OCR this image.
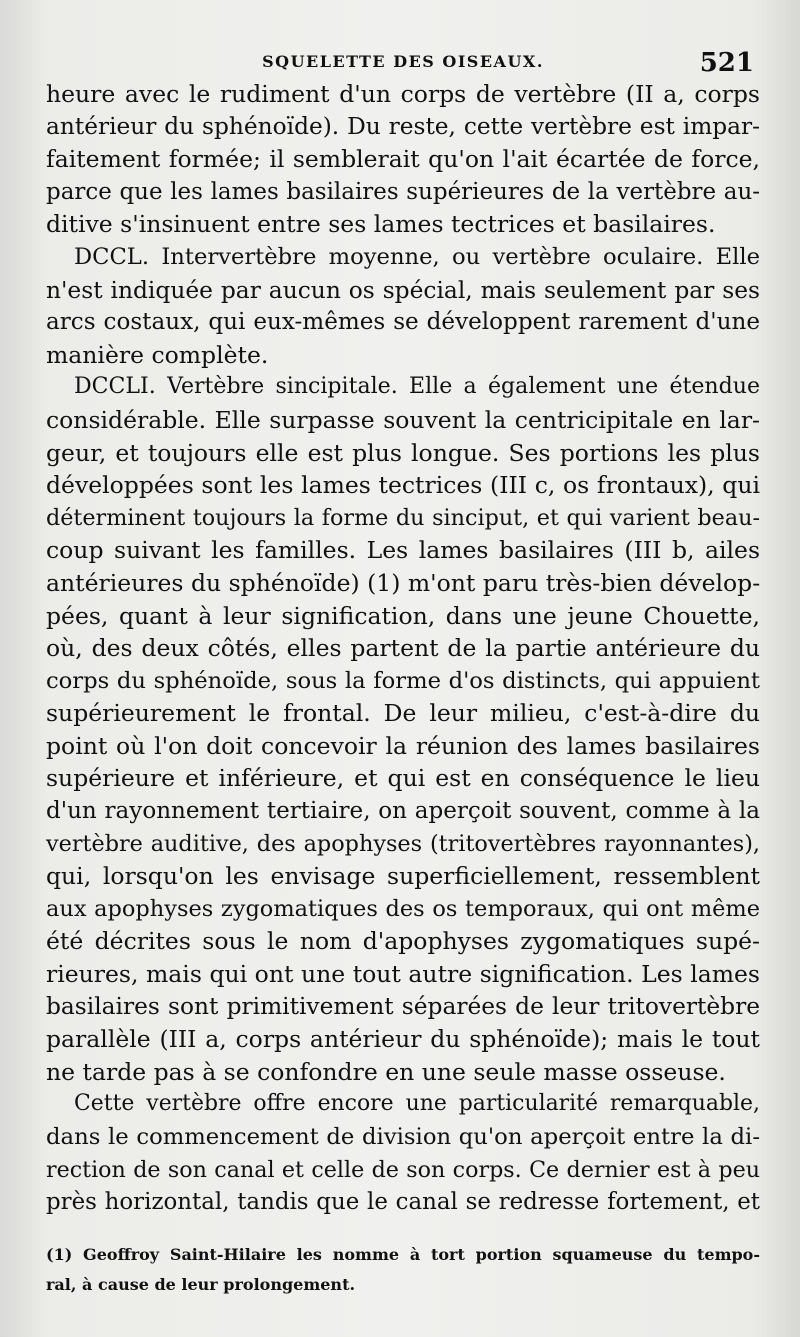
SQUELETTE DES OISEAUX.	521
heure avec le rudiment d'un corps de vertèbre (II a, corps
antérieur du sphénoïde). Du reste, cette vertèbre est impar-
faitement formée; il semblerait qu'on l'ait écartée de force,
parce que les lames basilaires supérieures de la vertèbre au-
ditive s'insinuent entre ses lames tectrices et basilaires.
DCCL. Intervertèbre moyenne, ou vertèbre oculaire. Elle
n'est indiquée par aucun os spécial, mais seulement par ses
arcs costaux, qui eux-mêmes se développent rarement d'une
manière complète.
DCCLI. Vertèbre sincipitale. Elle a également une étendue
considérable. Elle surpasse souvent la centricipitale en lar-
geur, et toujours elle est plus longue. Ses portions les plus
développées sont les lames tectrices (III c, os frontaux), qui
déterminent toujours la forme du sinciput, et qui varient beau-
coup suivant les familles. Les lames basilaires (III b, ailes
antérieures du sphénoïde) (1) m'ont paru très-bien dévelop-
pées, quant à leur signification, dans une jeune Chouette,
où, des deux côtés, elles partent de la partie antérieure du
corps du sphénoïde, sous la forme d'os distincts, qui appuient
supérieurement le frontal. De leur milieu, c'est-à-dire du
point où l'on doit concevoir la réunion des lames basilaires
supérieure et inférieure, et qui est en conséquence le lieu
d'un rayonnement tertiaire, on aperçoit souvent, comme à la
vertèbre auditive, des apophyses (tritovertèbres rayonnantes),
qui, lorsqu'on les envisage superficiellement, ressemblent
aux apophyses zygomatiques des os temporaux, qui ont même
été décrites sous le nom d'apophyses zygomatiques supé-
rieures, mais qui ont une tout autre signification. Les lames
basilaires sont primitivement séparées de leur tritovertèbre
parallèle (III a, corps antérieur du sphénoïde); mais le tout
ne tarde pas à se confondre en une seule masse osseuse.
Cette vertèbre offre encore une particularité remarquable,
dans le commencement de division qu'on aperçoit entre la di-
rection de son canal et celle de son corps. Ce dernier est à peu
près horizontal, tandis que le canal se redresse fortement, et
(1) Geoffroy Saint-Hilaire les nomme à tort portion squameuse du tempo-
ral, à cause de leur prolongement.
